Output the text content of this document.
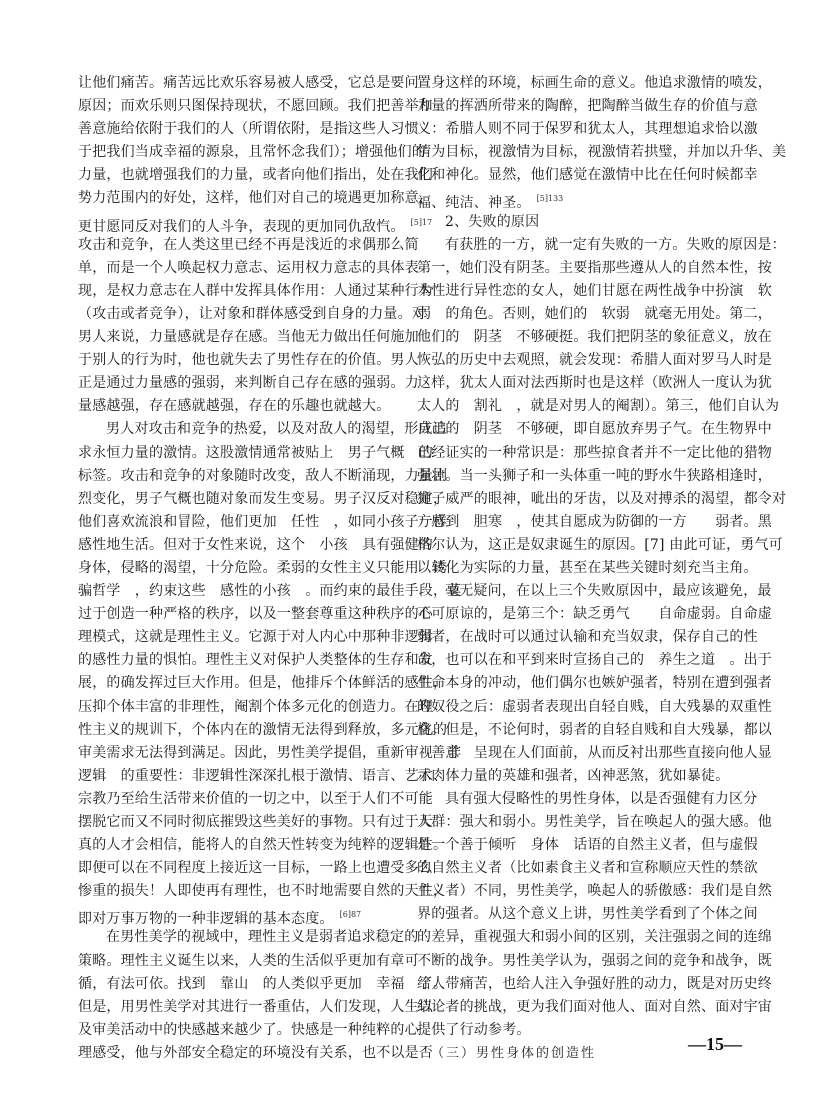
让他们痛苦。痛苦远比欢乐容易被人感受，它总是要问
原因；而欢乐则只图保持现状，不愿回顾。我们把善举和
善意施给依附于我们的人（所谓依附，是指这些人习惯
于把我们当成幸福的源泉，且常怀念我们）；增强他们的
力量，也就增强我们的力量，或者向他们指出，处在我们
势力范围内的好处，这样，他们对自己的境遇更加称意，
更甘愿同反对我们的人斗争，表现的更加同仇敌忾。 $^{[5]17}$
攻击和竞争，在人类这里已经不再是浅近的求偶那么简
单，而是一个人唤起权力意志、运用权力意志的具体表
现，是权力意志在人群中发挥具体作用：人通过某种行为
（攻击或者竞争），让对象和群体感受到自身的力量。对
男人来说，力量感就是存在感。当他无力做出任何施加
于别人的行为时，他也就失去了男性存在的价值。男人
正是通过力量感的强弱，来判断自己存在感的强弱。力
量感越强，存在感就越强，存在的乐趣也就越大。
男人对攻击和竞争的热爱，以及对敌人的渴望，形成追
求永恒力量的激情。这股激情通常被贴上　男子气概　的
标签。攻击和竞争的对象随时改变，敌人不断涌现，力量剧
烈变化，男子气概也随对象而发生变易。男子汉反对稳定，
他们喜欢流浪和冒险，他们更加　任性　，如同小孩子一样
感性地生活。但对于女性来说，这个　小孩　具有强健的
身体，侵略的渴望，十分危险。柔弱的女性主义只能用　诱
骗哲学　，约束这些　感性的小孩　。而约束的最佳手段，莫
过于创造一种严格的秩序，以及一整套尊重这种秩序的心
理模式，这就是理性主义。它源于对人内心中那种非逻辑
的感性力量的惧怕。理性主义对保护人类整体的生存和发
展，的确发挥过巨大作用。但是，他排斥个体鲜活的感性，
压抑个体丰富的非理性，阉割个体多元化的创造力。在理
性主义的规训下，个体内在的激情无法得到释放，多元化的
审美需求无法得到满足。因此，男性美学提倡，重新审视　非
逻辑　的重要性：非逻辑性深深扎根于激情、语言、艺术、
宗教乃至给生活带来价值的一切之中，以至于人们不可能
摆脱它而又不同时彻底摧毁这些美好的事物。只有过于天
真的人才会相信，能将人的自然天性转变为纯粹的逻辑性。
即便可以在不同程度上接近这一目标，一路上也遭受多么
惨重的损失！人即使再有理性，也不时地需要自然的天性，
即对万事万物的一种非逻辑的基本态度。 $^{[6]87}$
在男性美学的视域中，理性主义是弱者追求稳定的
策略。理性主义诞生以来，人类的生活似乎更加有章可
循，有法可依。找到　靠山　的人类似乎更加　幸福　了。
但是，用男性美学对其进行一番重估，人们发现，人生以
及审美活动中的快感越来越少了。快感是一种纯粹的心
理感受，他与外部安全稳定的环境没有关系，也不以是否
置身这样的环境，标画生命的意义。他追求激情的喷发，
力量的挥洒所带来的陶醉，把陶醉当做生存的价值与意
义：希腊人则不同于保罗和犹太人，其理想追求恰以激
情为目标，视激情为目标，视激情若拱璧，并加以升华、美
化和神化。显然，他们感觉在激情中比在任何时候都幸
福、纯洁、神圣。 $^{[5]133}$
2、失败的原因
有获胜的一方，就一定有失败的一方。失败的原因是：
第一，她们没有阴茎。主要指那些遵从人的自然本性，按
本性进行异性恋的女人，她们甘愿在两性战争中扮演　软
弱　的角色。否则，她们的　软弱　就毫无用处。第二，
他们的　阴茎　不够硬挺。我们把阴茎的象征意义，放在
恢弘的历史中去观照，就会发现：希腊人面对罗马人时是
这样，犹太人面对法西斯时也是这样（欧洲人一度认为犹
太人的　割礼　，就是对男人的阉割）。第三，他们自认为
自己的　阴茎　不够硬，即自愿放弃男子气。在生物界中
已经证实的一种常识是：那些掠食者并不一定比他的猎物
强壮。当一头狮子和一头体重一吨的野水牛狭路相逢时，
狮子威严的眼神，呲出的牙齿，以及对搏杀的渴望，都令对
方感到　胆寒　，使其自愿成为防御的一方　　弱者。黑
格尔认为，这正是奴隶诞生的原因。[7] 由此可证，勇气可
以转化为实际的力量，甚至在某些关键时刻充当主角。
毫无疑问，在以上三个失败原因中，最应该避免，最
不可原谅的，是第三个：缺乏勇气　　自命虚弱。自命虚
弱者，在战时可以通过认输和充当奴隶，保存自己的性
命，也可以在和平到来时宣扬自己的　养生之道　。出于
生命本身的冲动，他们偶尔也嫉妒强者，特别在遭到强者
的奴役之后：虚弱者表现出自轻自贱，自大残暴的双重性
格。但是，不论何时，弱者的自轻自贱和自大残暴，都以
　善意　呈现在人们面前，从而反衬出那些直接向他人显
示肉体力量的英雄和强者，凶神恶煞，犹如暴徒。
具有强大侵略性的男性身体，以是否强健有力区分
人群：强大和弱小。男性美学，旨在唤起人的强大感。他
是一个善于倾听　身体　话语的自然主义者，但与虚假
的自然主义者（比如素食主义者和宣称顺应天性的禁欲
主义者）不同，男性美学，唤起人的骄傲感：我们是自然
界的强者。从这个意义上讲，男性美学看到了个体之间
的差异，重视强大和弱小间的区别，关注强弱之间的连绵
不断的战争。男性美学认为，强弱之间的竞争和战争，既
给人带痛苦，也给人注入争强好胜的动力，既是对历史终
结论者的挑战，更为我们面对他人、面对自然、面对宇宙
提供了行动参考。
（三）男性身体的创造性	—15—
